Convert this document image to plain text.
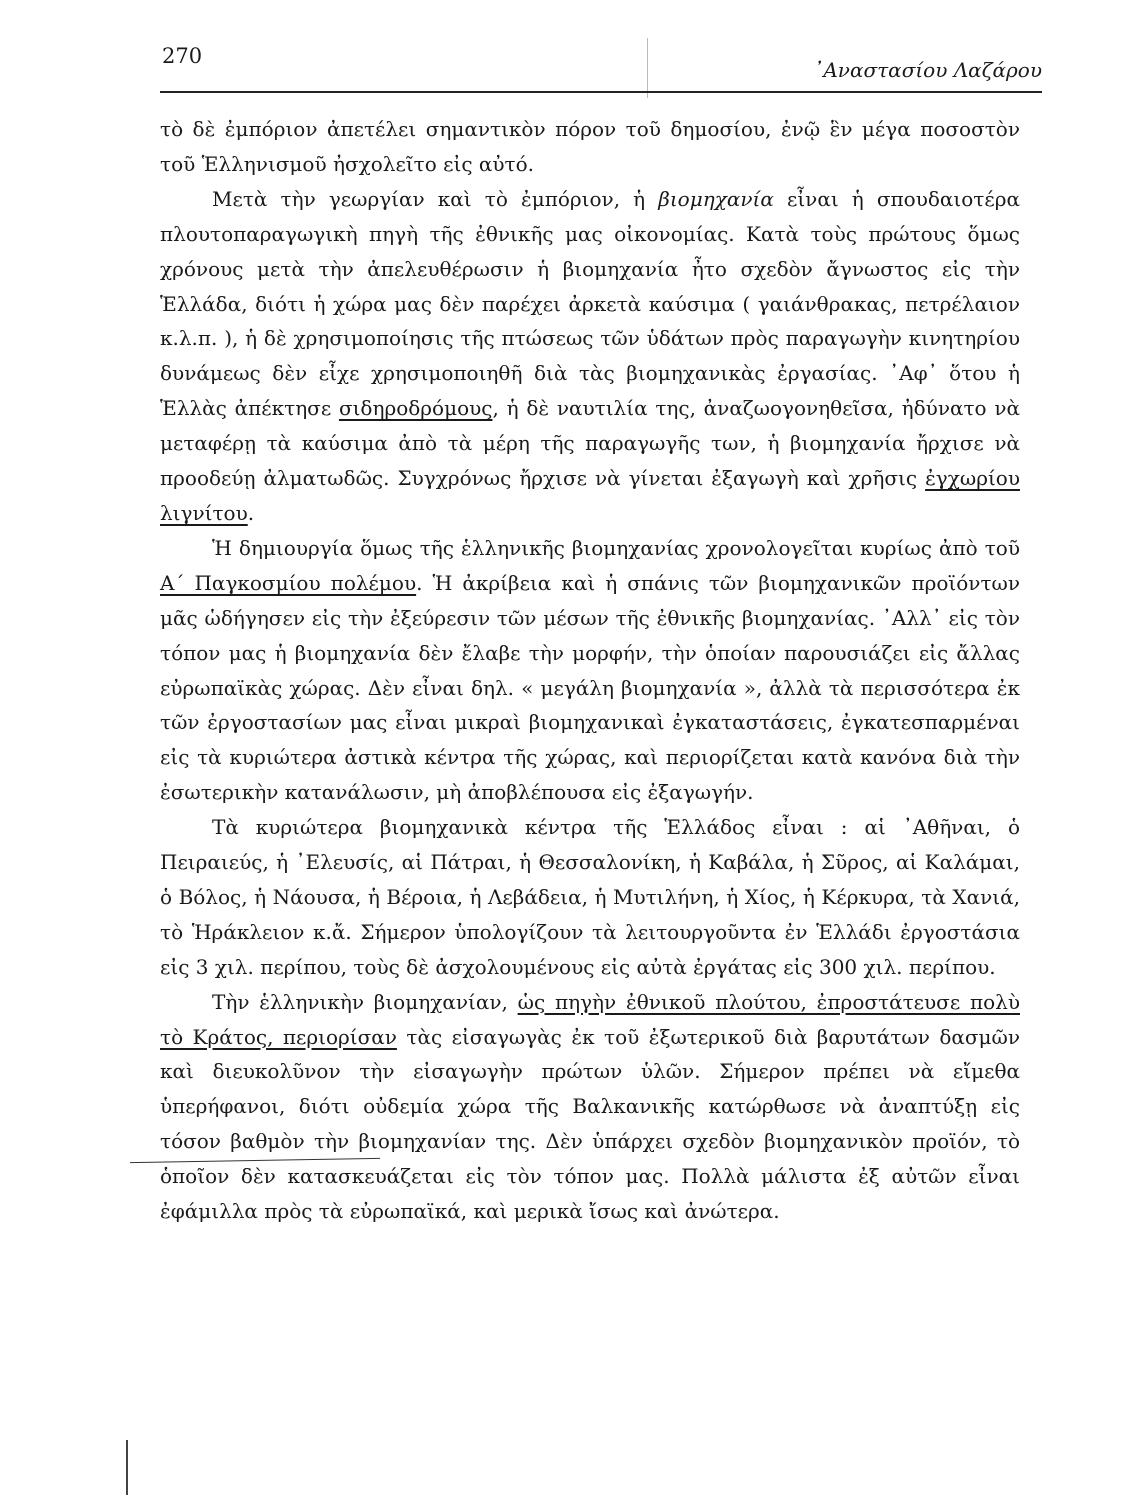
270
᾿Αναστασίου Λαζάρου

τὸ δὲ ἐμπόριον ἀπετέλει σημαντικὸν πόρον τοῦ δημοσίου, ἐνῷ ἓν μέγα ποσοστὸν τοῦ Ἑλληνισμοῦ ἠσχολεῖτο εἰς αὐτό.

Μετὰ τὴν γεωργίαν καὶ τὸ ἐμπόριον, ἡ βιομηχανία εἶναι ἡ σπουδαιοτέρα πλουτοπαραγωγικὴ πηγὴ τῆς ἐθνικῆς μας οἰκονομίας. Κατὰ τοὺς πρώτους ὅμως χρόνους μετὰ τὴν ἀπελευθέρωσιν ἡ βιομηχανία ἦτο σχεδὸν ἄγνωστος εἰς τὴν Ἑλλάδα, διότι ἡ χώρα μας δὲν παρέχει ἀρκετὰ καύσιμα ( γαιάνθρακας, πετρέλαιον κ.λ.π. ), ἡ δὲ χρησιμοποίησις τῆς πτώσεως τῶν ὑδάτων πρὸς παραγωγὴν κινητηρίου δυνάμεως δὲν εἶχε χρησιμοποιηθῆ διὰ τὰς βιομηχανικὰς ἐργασίας. ᾿Αφ᾿ ὅτου ἡ Ἑλλὰς ἀπέκτησε σιδηροδρόμους, ἡ δὲ ναυτιλία της, ἀναζωογονηθεῖσα, ἠδύνατο νὰ μεταφέρῃ τὰ καύσιμα ἀπὸ τὰ μέρη τῆς παραγωγῆς των, ἡ βιομηχανία ἤρχισε νὰ προοδεύῃ ἀλματωδῶς. Συγχρόνως ἤρχισε νὰ γίνεται ἐξαγωγὴ καὶ χρῆσις ἐγχωρίου λιγνίτου.

Ἡ δημιουργία ὅμως τῆς ἑλληνικῆς βιομηχανίας χρονολογεῖται κυρίως ἀπὸ τοῦ Α΄ Παγκοσμίου πολέμου. Ἡ ἀκρίβεια καὶ ἡ σπάνις τῶν βιομηχανικῶν προϊόντων μᾶς ὡδήγησεν εἰς τὴν ἐξεύρεσιν τῶν μέσων τῆς ἐθνικῆς βιομηχανίας. ᾿Αλλ᾿ εἰς τὸν τόπον μας ἡ βιομηχανία δὲν ἔλαβε τὴν μορφήν, τὴν ὁποίαν παρουσιάζει εἰς ἄλλας εὐρωπαϊκὰς χώρας. Δὲν εἶναι δηλ. « μεγάλη βιομηχανία », ἀλλὰ τὰ περισσότερα ἐκ τῶν ἐργοστασίων μας εἶναι μικραὶ βιομηχανικαὶ ἐγκαταστάσεις, ἐγκατεσπαρμέναι εἰς τὰ κυριώτερα ἀστικὰ κέντρα τῆς χώρας, καὶ περιορίζεται κατὰ κανόνα διὰ τὴν ἐσωτερικὴν κατανάλωσιν, μὴ ἀποβλέπουσα εἰς ἐξαγωγήν.

Τὰ κυριώτερα βιομηχανικὰ κέντρα τῆς Ἑλλάδος εἶναι : αἱ ᾿Αθῆναι, ὁ Πειραιεύς, ἡ ᾿Ελευσίς, αἱ Πάτραι, ἡ Θεσσαλονίκη, ἡ Καβάλα, ἡ Σῦρος, αἱ Καλάμαι, ὁ Βόλος, ἡ Νάουσα, ἡ Βέροια, ἡ Λεβάδεια, ἡ Μυτιλήνη, ἡ Χίος, ἡ Κέρκυρα, τὰ Χανιά, τὸ Ἡράκλειον κ.ἄ. Σήμερον ὑπολογίζουν τὰ λειτουργοῦντα ἐν Ἑλλάδι ἐργοστάσια εἰς 3 χιλ. περίπου, τοὺς δὲ ἀσχολουμένους εἰς αὐτὰ ἐργάτας εἰς 300 χιλ. περίπου.

Τὴν ἑλληνικὴν βιομηχανίαν, ὡς πηγὴν ἐθνικοῦ πλούτου, ἐπροστάτευσε πολὺ τὸ Κράτος, περιορίσαν τὰς εἰσαγωγὰς ἐκ τοῦ ἐξωτερικοῦ διὰ βαρυτάτων δασμῶν καὶ διευκολῦνον τὴν εἰσαγωγὴν πρώτων ὑλῶν. Σήμερον πρέπει νὰ εἴμεθα ὑπερήφανοι, διότι οὐδεμία χώρα τῆς Βαλκανικῆς κατώρθωσε νὰ ἀναπτύξῃ εἰς τόσον βαθμὸν τὴν βιομηχανίαν της. Δὲν ὑπάρχει σχεδὸν βιομηχανικὸν προϊόν, τὸ ὁποῖον δὲν κατασκευάζεται εἰς τὸν τόπον μας. Πολλὰ μάλιστα ἐξ αὐτῶν εἶναι ἐφάμιλλα πρὸς τὰ εὐρωπαϊκά, καὶ μερικὰ ἴσως καὶ ἀνώτερα.
